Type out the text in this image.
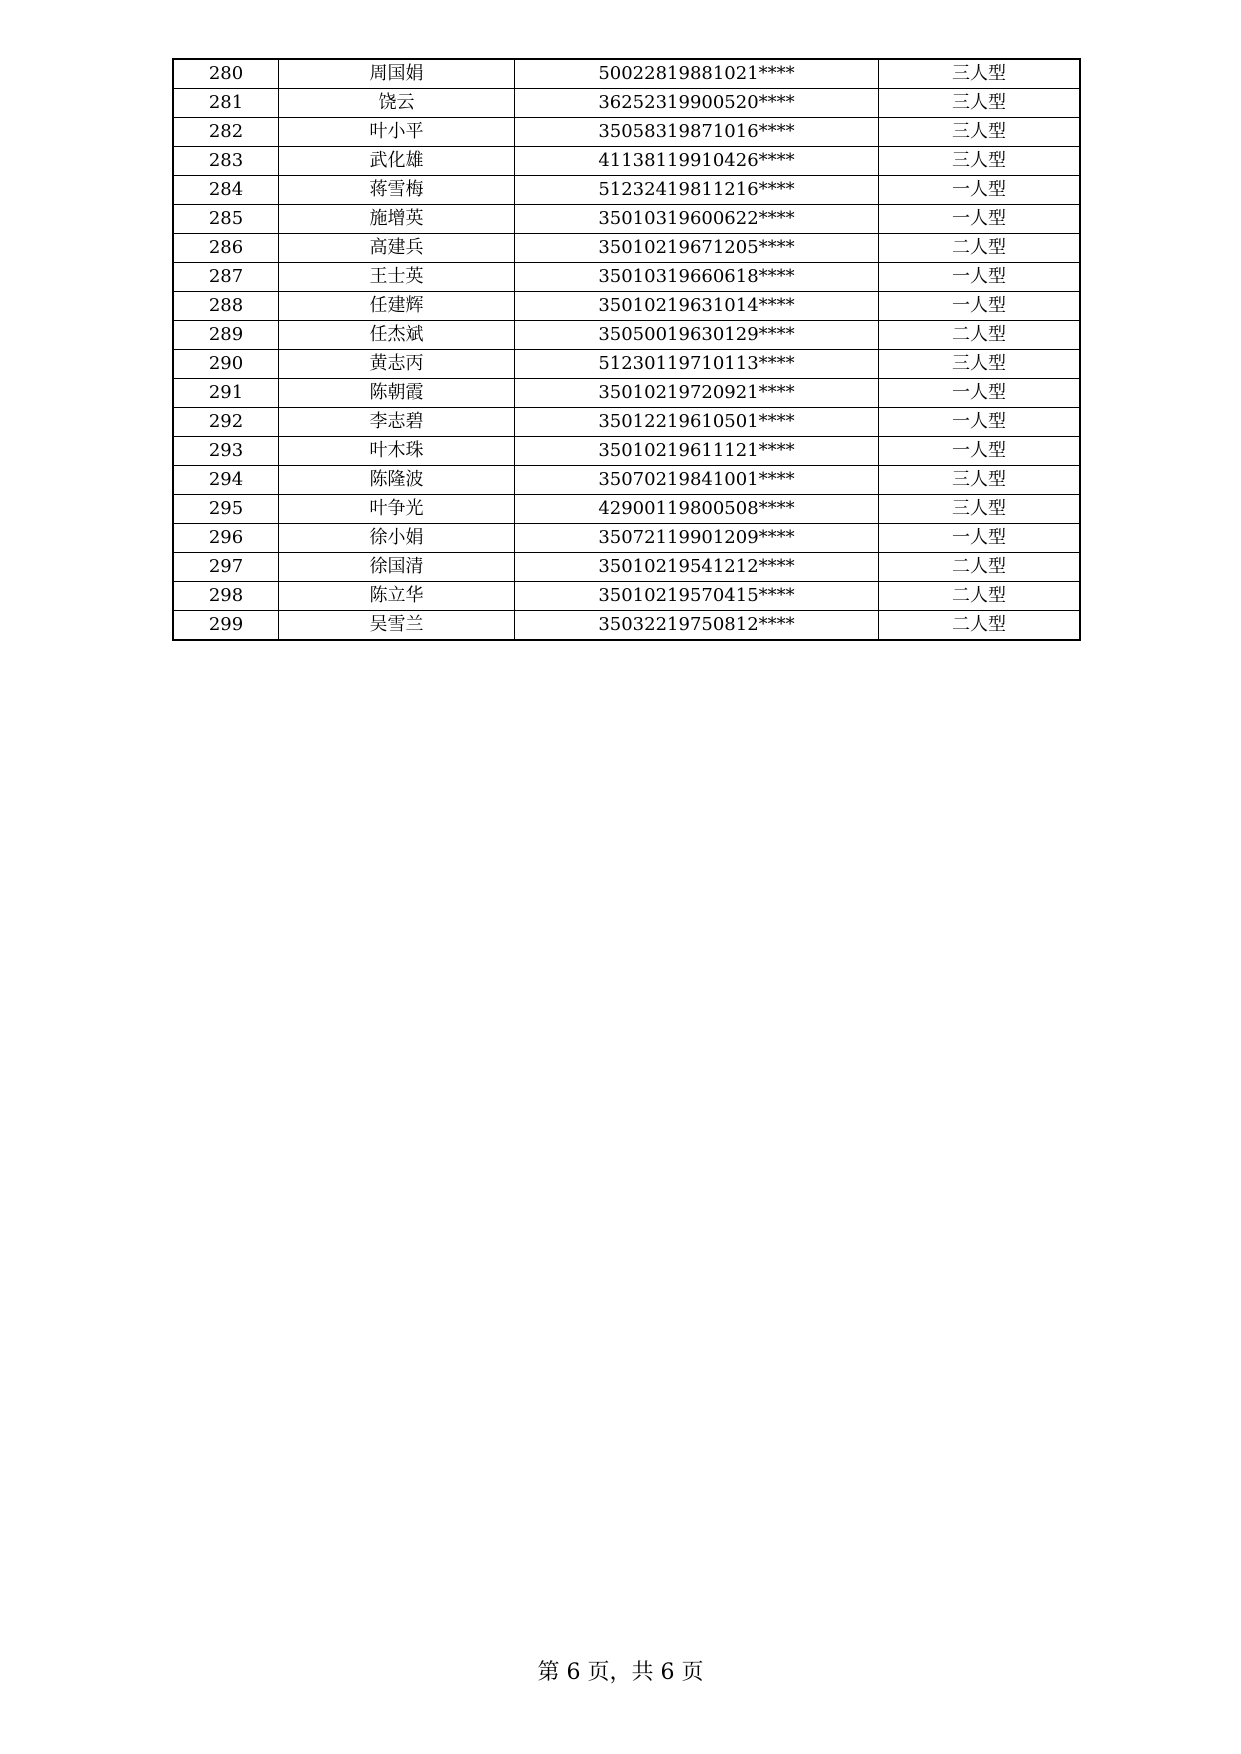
280	周国娟	50022819881021****	三人型
281	饶云	36252319900520****	三人型
282	叶小平	35058319871016****	三人型
283	武化雄	41138119910426****	三人型
284	蒋雪梅	51232419811216****	一人型
285	施增英	35010319600622****	一人型
286	高建兵	35010219671205****	二人型
287	王士英	35010319660618****	一人型
288	任建辉	35010219631014****	一人型
289	任杰斌	35050019630129****	二人型
290	黄志丙	51230119710113****	三人型
291	陈朝霞	35010219720921****	一人型
292	李志碧	35012219610501****	一人型
293	叶木珠	35010219611121****	一人型
294	陈隆波	35070219841001****	三人型
295	叶争光	42900119800508****	三人型
296	徐小娟	35072119901209****	一人型
297	徐国清	35010219541212****	二人型
298	陈立华	35010219570415****	二人型
299	吴雪兰	35032219750812****	二人型
第 6 页，共 6 页
